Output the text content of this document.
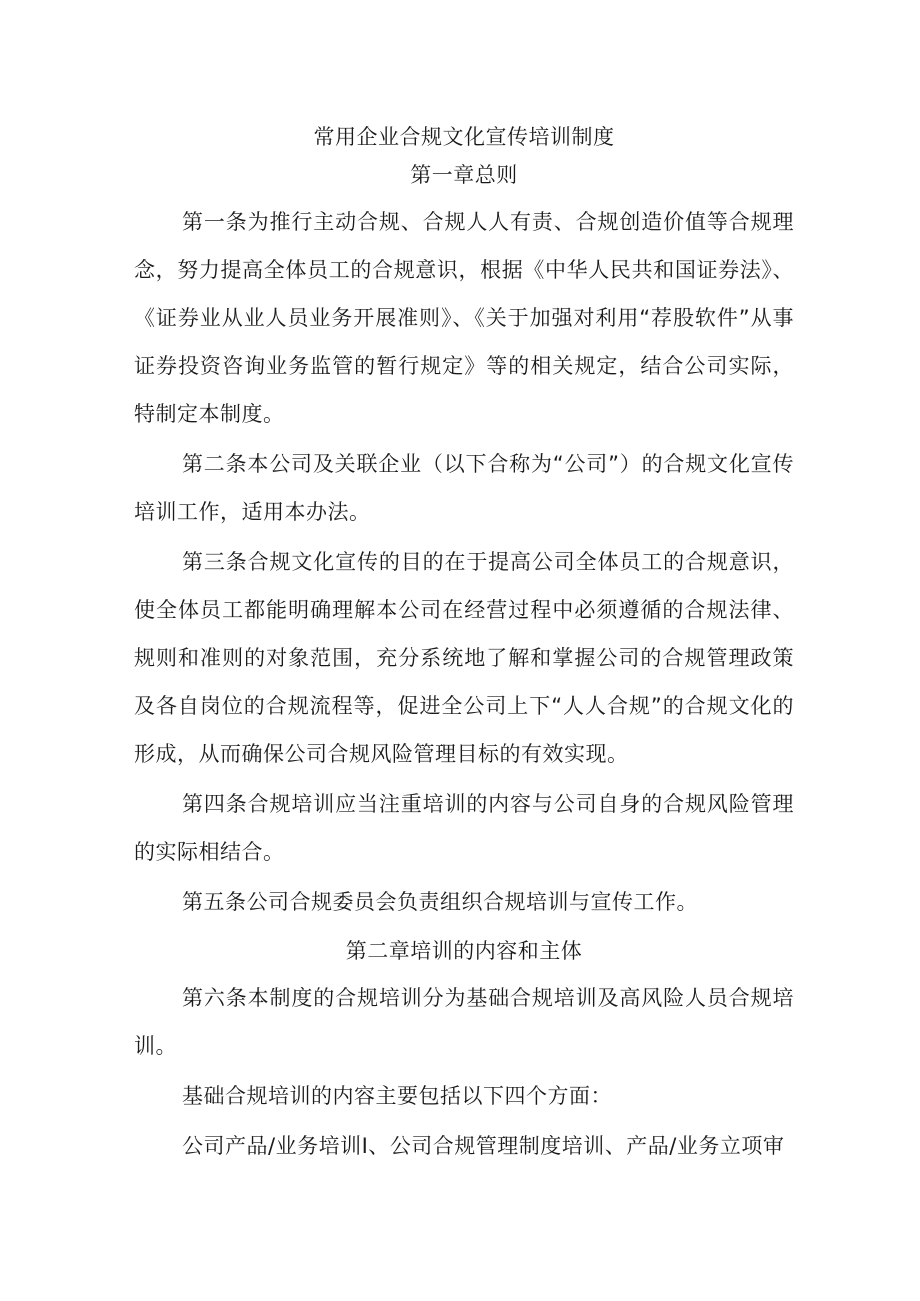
常用企业合规文化宣传培训制度
第一章总则

第一条为推行主动合规、合规人人有责、合规创造价值等合规理念，努力提高全体员工的合规意识，根据《中华人民共和国证券法》、《证券业从业人员业务开展准则》、《关于加强对利用“荐股软件”从事证券投资咨询业务监管的暂行规定》等的相关规定，结合公司实际，特制定本制度。

第二条本公司及关联企业（以下合称为“公司”）的合规文化宣传培训工作，适用本办法。

第三条合规文化宣传的目的在于提高公司全体员工的合规意识，使全体员工都能明确理解本公司在经营过程中必须遵循的合规法律、规则和准则的对象范围，充分系统地了解和掌握公司的合规管理政策及各自岗位的合规流程等，促进全公司上下“人人合规”的合规文化的形成，从而确保公司合规风险管理目标的有效实现。

第四条合规培训应当注重培训的内容与公司自身的合规风险管理的实际相结合。

第五条公司合规委员会负责组织合规培训与宣传工作。

第二章培训的内容和主体

第六条本制度的合规培训分为基础合规培训及高风险人员合规培训。

基础合规培训的内容主要包括以下四个方面：

公司产品/业务培训I、公司合规管理制度培训、产品/业务立项审
